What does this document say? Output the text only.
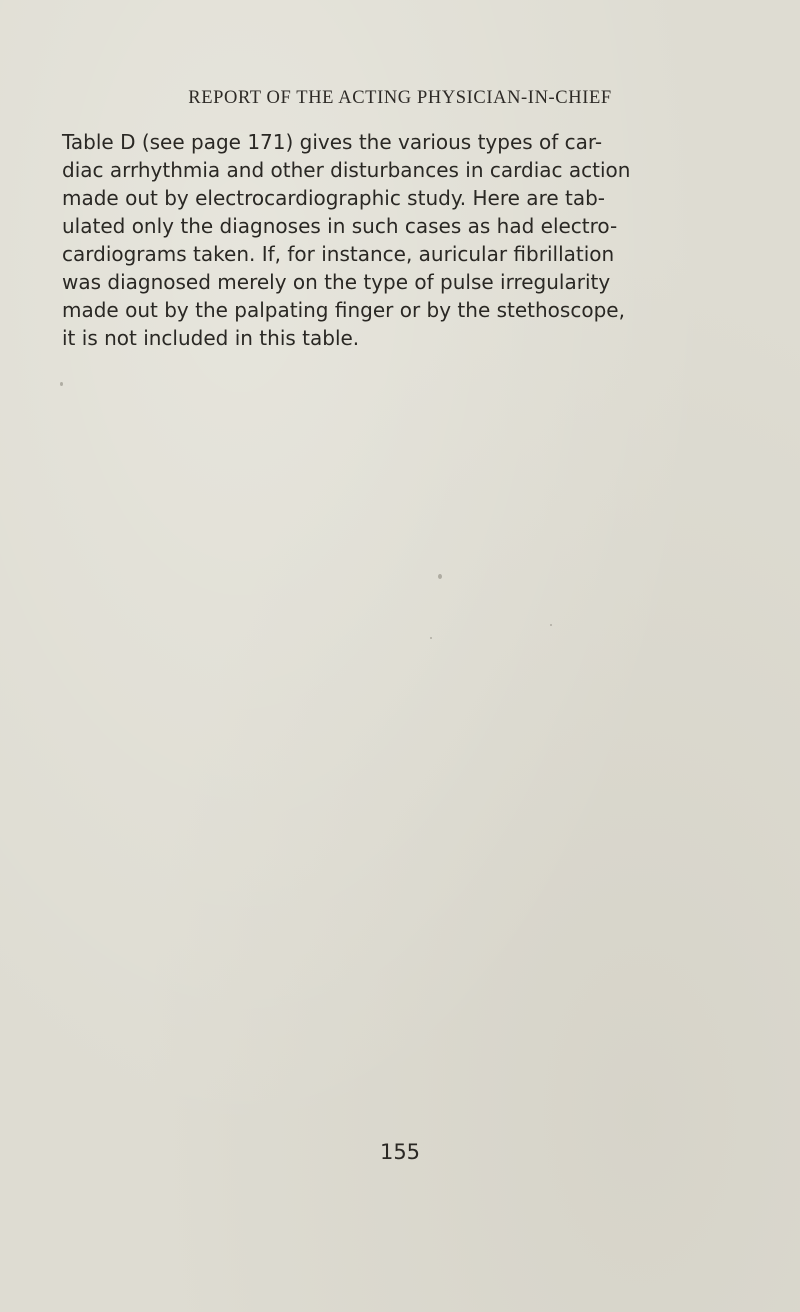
REPORT OF THE ACTING PHYSICIAN-IN-CHIEF

Table D (see page 171) gives the various types of car-
diac arrhythmia and other disturbances in cardiac action
made out by electrocardiographic study. Here are tab-
ulated only the diagnoses in such cases as had electro-
cardiograms taken. If, for instance, auricular fibrillation
was diagnosed merely on the type of pulse irregularity
made out by the palpating finger or by the stethoscope,
it is not included in this table.

155
